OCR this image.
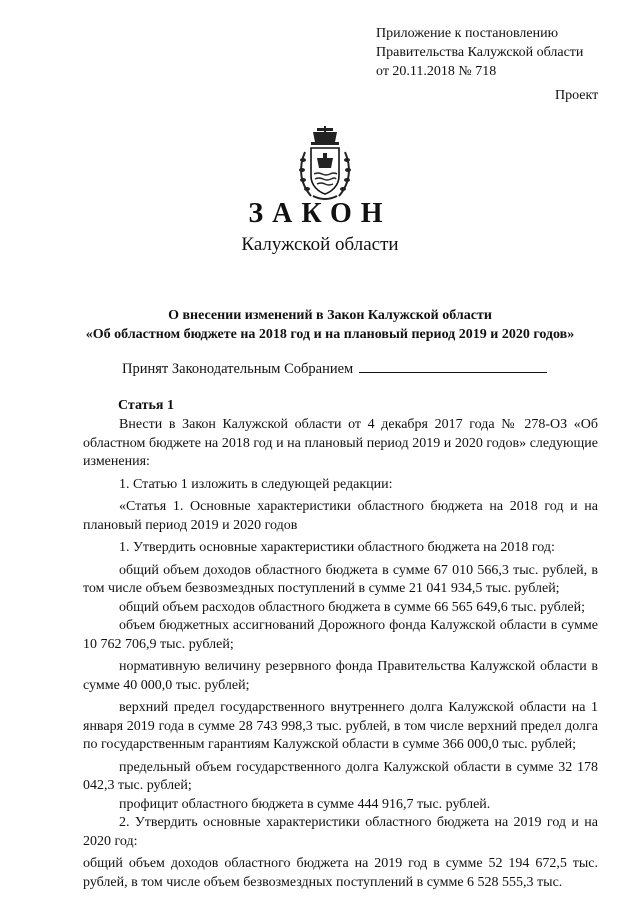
Приложение к постановлению
Правительства Калужской области
от 20.11.2018 № 718
Проект
ЗАКОН
Калужской области
О внесении изменений в Закон Калужской области
«Об областном бюджете на 2018 год и на плановый период 2019 и 2020 годов»
Принят Законодательным Собранием
Статья 1

Внести в Закон Калужской области от 4 декабря 2017 года № 278-ОЗ «Об областном бюджете на 2018 год и на плановый период 2019 и 2020 годов» следующие изменения:

1. Статью 1 изложить в следующей редакции:

«Статья 1. Основные характеристики областного бюджета на 2018 год и на плановый период 2019 и 2020 годов

1. Утвердить основные характеристики областного бюджета на 2018 год:

общий объем доходов областного бюджета в сумме 67 010 566,3 тыс. рублей, в том числе объем безвозмездных поступлений в сумме 21 041 934,5 тыс. рублей;

общий объем расходов областного бюджета в сумме 66 565 649,6 тыс. рублей;

объем бюджетных ассигнований Дорожного фонда Калужской области в сумме 10 762 706,9 тыс. рублей;

нормативную величину резервного фонда Правительства Калужской области в сумме 40 000,0 тыс. рублей;

верхний предел государственного внутреннего долга Калужской области на 1 января 2019 года в сумме 28 743 998,3 тыс. рублей, в том числе верхний предел долга по государственным гарантиям Калужской области в сумме 366 000,0 тыс. рублей;

предельный объем государственного долга Калужской области в сумме 32 178 042,3 тыс. рублей;

профицит областного бюджета в сумме 444 916,7 тыс. рублей.

2. Утвердить основные характеристики областного бюджета на 2019 год и на 2020 год:

общий объем доходов областного бюджета на 2019 год в сумме 52 194 672,5 тыс. рублей, в том числе объем безвозмездных поступлений в сумме 6 528 555,3 тыс.
